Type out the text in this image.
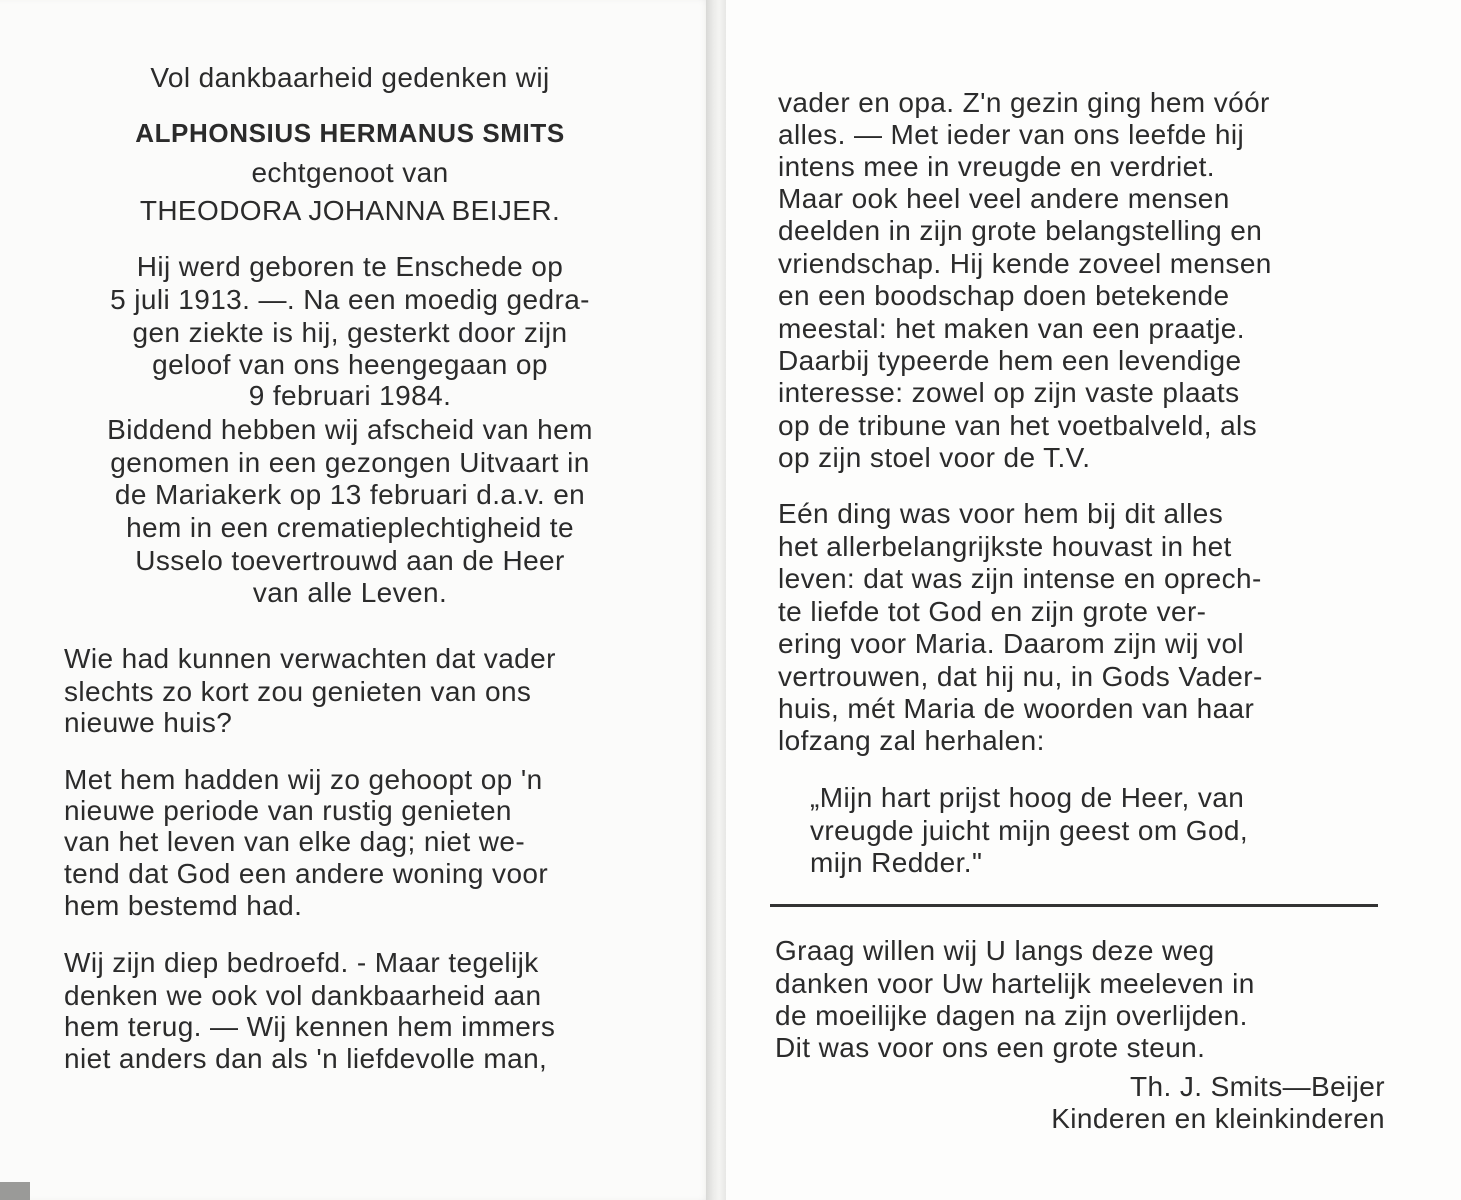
Vol dankbaarheid gedenken wij
ALPHONSIUS HERMANUS SMITS
echtgenoot van
THEODORA JOHANNA BEIJER.
Hij werd geboren te Enschede op
5 juli 1913. —. Na een moedig gedra-
gen ziekte is hij, gesterkt door zijn
geloof van ons heengegaan op
9 februari 1984.
Biddend hebben wij afscheid van hem
genomen in een gezongen Uitvaart in
de Mariakerk op 13 februari d.a.v. en
hem in een crematieplechtigheid te
Usselo toevertrouwd aan de Heer
van alle Leven.
Wie had kunnen verwachten dat vader
slechts zo kort zou genieten van ons
nieuwe huis?
Met hem hadden wij zo gehoopt op 'n
nieuwe periode van rustig genieten
van het leven van elke dag; niet we-
tend dat God een andere woning voor
hem bestemd had.
Wij zijn diep bedroefd. - Maar tegelijk
denken we ook vol dankbaarheid aan
hem terug. — Wij kennen hem immers
niet anders dan als 'n liefdevolle man,
vader en opa. Z'n gezin ging hem vóór
alles. — Met ieder van ons leefde hij
intens mee in vreugde en verdriet.
Maar ook heel veel andere mensen
deelden in zijn grote belangstelling en
vriendschap. Hij kende zoveel mensen
en een boodschap doen betekende
meestal: het maken van een praatje.
Daarbij typeerde hem een levendige
interesse: zowel op zijn vaste plaats
op de tribune van het voetbalveld, als
op zijn stoel voor de T.V.
Eén ding was voor hem bij dit alles
het allerbelangrijkste houvast in het
leven: dat was zijn intense en oprech-
te liefde tot God en zijn grote ver-
ering voor Maria. Daarom zijn wij vol
vertrouwen, dat hij nu, in Gods Vader-
huis, mét Maria de woorden van haar
lofzang zal herhalen:
„Mijn hart prijst hoog de Heer, van
vreugde juicht mijn geest om God,
mijn Redder."
Graag willen wij U langs deze weg
danken voor Uw hartelijk meeleven in
de moeilijke dagen na zijn overlijden.
Dit was voor ons een grote steun.
Th. J. Smits—Beijer
Kinderen en kleinkinderen
